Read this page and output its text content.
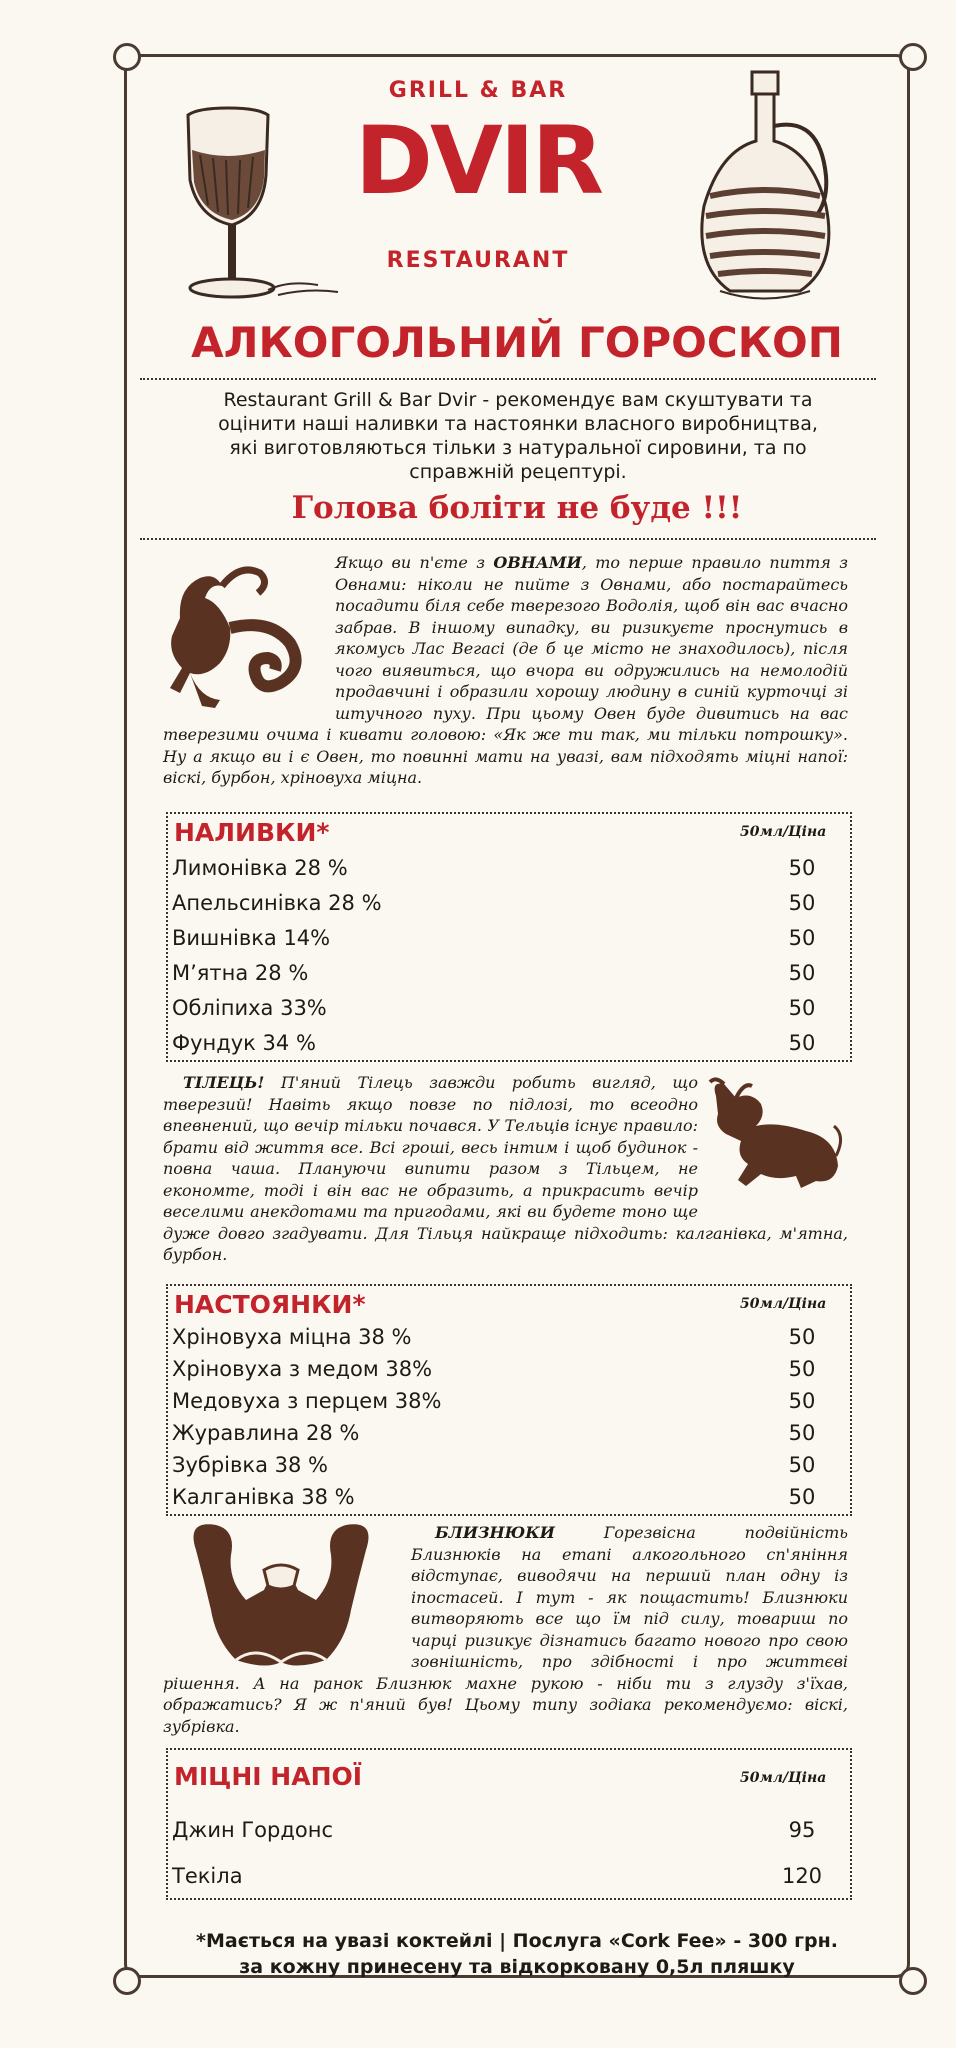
GRILL & BAR
DVIR
RESTAURANT
АЛКОГОЛЬНИЙ ГОРОСКОП
Restaurant Grill & Bar Dvir - рекомендує вам скуштувати та
оцінити наші наливки та настоянки власного виробництва,
які виготовляються тільки з натуральної сировини, та по
справжній рецептурі.
Голова боліти не буде !!!
Якщо ви п'єте з ОВНАМИ, то перше правило пиття з Овнами: ніколи не пийте з Овнами, або постарайтесь посадити біля себе тверезого Водолія, щоб він вас вчасно забрав. В іншому випадку, ви ризикуєте проснутись в якомусь Лас Вегасі (де б це місто не знаходилось), після чого виявиться, що вчора ви одружились на немолодій продавчині і образили хорошу людину в синій курточці зі штучного пуху. При цьому Овен буде дивитись на вас тверезими очима і кивати головою: «Як же ти так, ми тільки потрошку». Ну а якщо ви і є Овен, то повинні мати на увазі, вам підходять міцні напої: віскі, бурбон, хріновуха міцна.
НАЛИВКИ*	50мл/Ціна
Лимонівка 28 %	50
Апельсинівка 28 %	50
Вишнівка 14%	50
М’ятна 28 %	50
Обліпиха 33%	50
Фундук 34 %	50
ТІЛЕЦЬ! П'яний Тілець завжди робить вигляд, що тверезий! Навіть якщо повзе по підлозі, то всеодно впевнений, що вечір тільки почався. У Тельців існує правило: брати від життя все. Всі гроші, весь інтим і щоб будинок - повна чаша. Плануючи випити разом з Тільцем, не економте, тоді і він вас не образить, а прикрасить вечір веселими анекдотами та пригодами, які ви будете тоно ще дуже довго згадувати. Для Тільця найкраще підходить: калганівка, м'ятна, бурбон.
НАСТОЯНКИ*	50мл/Ціна
Хріновуха міцна 38 %	50
Хріновуха з медом 38%	50
Медовуха з перцем 38%	50
Журавлина 28 %	50
Зубрівка 38 %	50
Калганівка 38 %	50
БЛИЗНЮКИ Горезвісна подвійність Близнюків на етапі алкогольного сп'яніння відступає, виводячи на перший план одну із іпостасей. І тут - як пощастить! Близнюки витворяють все що їм під силу, товариш по чарці ризикує дізнатись багато нового про свою зовнішність, про здібності і про життєві рішення. А на ранок Близнюк махне рукою - ніби ти з глузду з'їхав, ображатись? Я ж п'яний був! Цьому типу зодіака рекомендуємо: віскі, зубрівка.
МІЦНІ НАПОЇ	50мл/Ціна
Джин Гордонс	95
Текіла	120
*Мається на увазі коктейлі | Послуга «Cork Fee» - 300 грн.
за кожну принесену та відкорковану 0,5л пляшку
